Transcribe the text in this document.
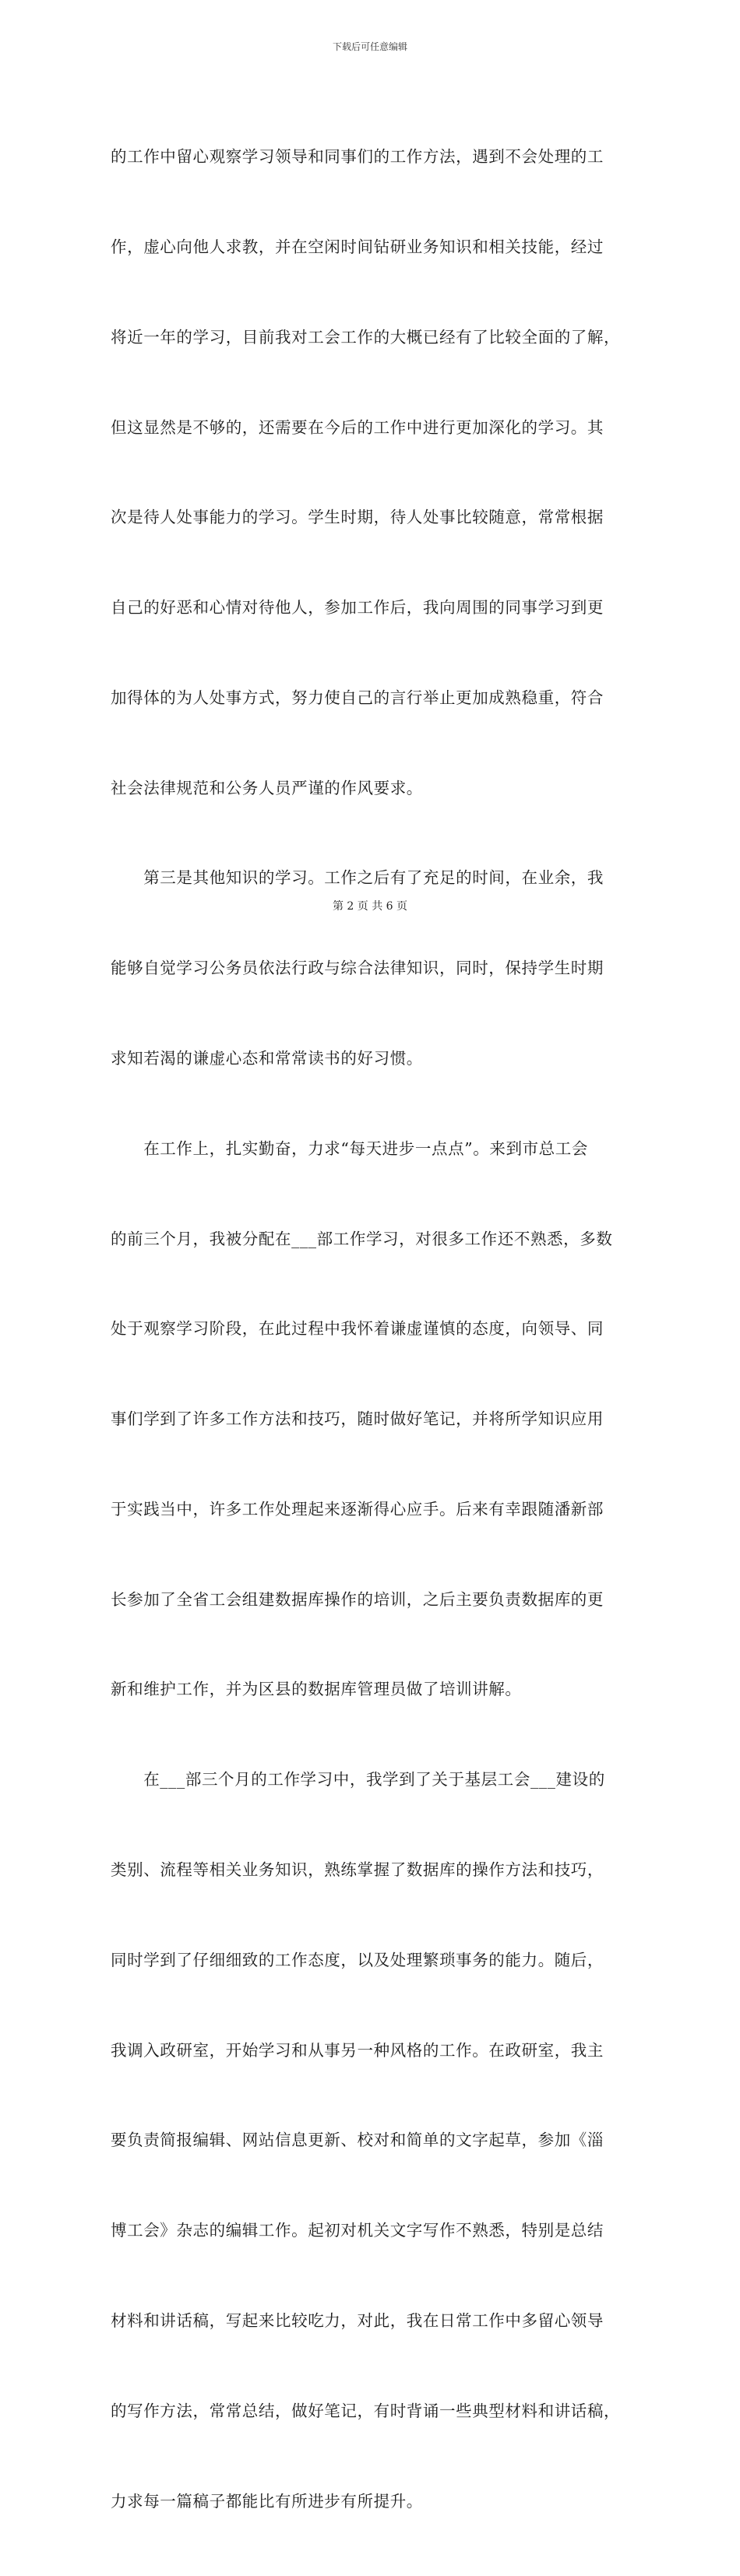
下载后可任意编辑

的工作中留心观察学习领导和同事们的工作方法，遇到不会处理的工

作，虚心向他人求教，并在空闲时间钻研业务知识和相关技能，经过

将近一年的学习，目前我对工会工作的大概已经有了比较全面的了解，

但这显然是不够的，还需要在今后的工作中进行更加深化的学习。其

次是待人处事能力的学习。学生时期，待人处事比较随意，常常根据

自己的好恶和心情对待他人，参加工作后，我向周围的同事学习到更

加得体的为人处事方式，努力使自己的言行举止更加成熟稳重，符合

社会法律规范和公务人员严谨的作风要求。

　　第三是其他知识的学习。工作之后有了充足的时间，在业余，我

能够自觉学习公务员依法行政与综合法律知识，同时，保持学生时期

求知若渴的谦虚心态和常常读书的好习惯。

　　在工作上，扎实勤奋，力求“每天进步一点点”。来到市总工会

的前三个月，我被分配在___部工作学习，对很多工作还不熟悉，多数

处于观察学习阶段，在此过程中我怀着谦虚谨慎的态度，向领导、同

事们学到了许多工作方法和技巧，随时做好笔记，并将所学知识应用

于实践当中，许多工作处理起来逐渐得心应手。后来有幸跟随潘新部

长参加了全省工会组建数据库操作的培训，之后主要负责数据库的更

新和维护工作，并为区县的数据库管理员做了培训讲解。

　　在___部三个月的工作学习中，我学到了关于基层工会___建设的

类别、流程等相关业务知识，熟练掌握了数据库的操作方法和技巧，

同时学到了仔细细致的工作态度，以及处理繁琐事务的能力。随后，

我调入政研室，开始学习和从事另一种风格的工作。在政研室，我主

要负责简报编辑、网站信息更新、校对和简单的文字起草，参加《淄

博工会》杂志的编辑工作。起初对机关文字写作不熟悉，特别是总结

材料和讲话稿，写起来比较吃力，对此，我在日常工作中多留心领导

的写作方法，常常总结，做好笔记，有时背诵一些典型材料和讲话稿，

力求每一篇稿子都能比有所进步有所提升。

第 2 页 共 6 页
